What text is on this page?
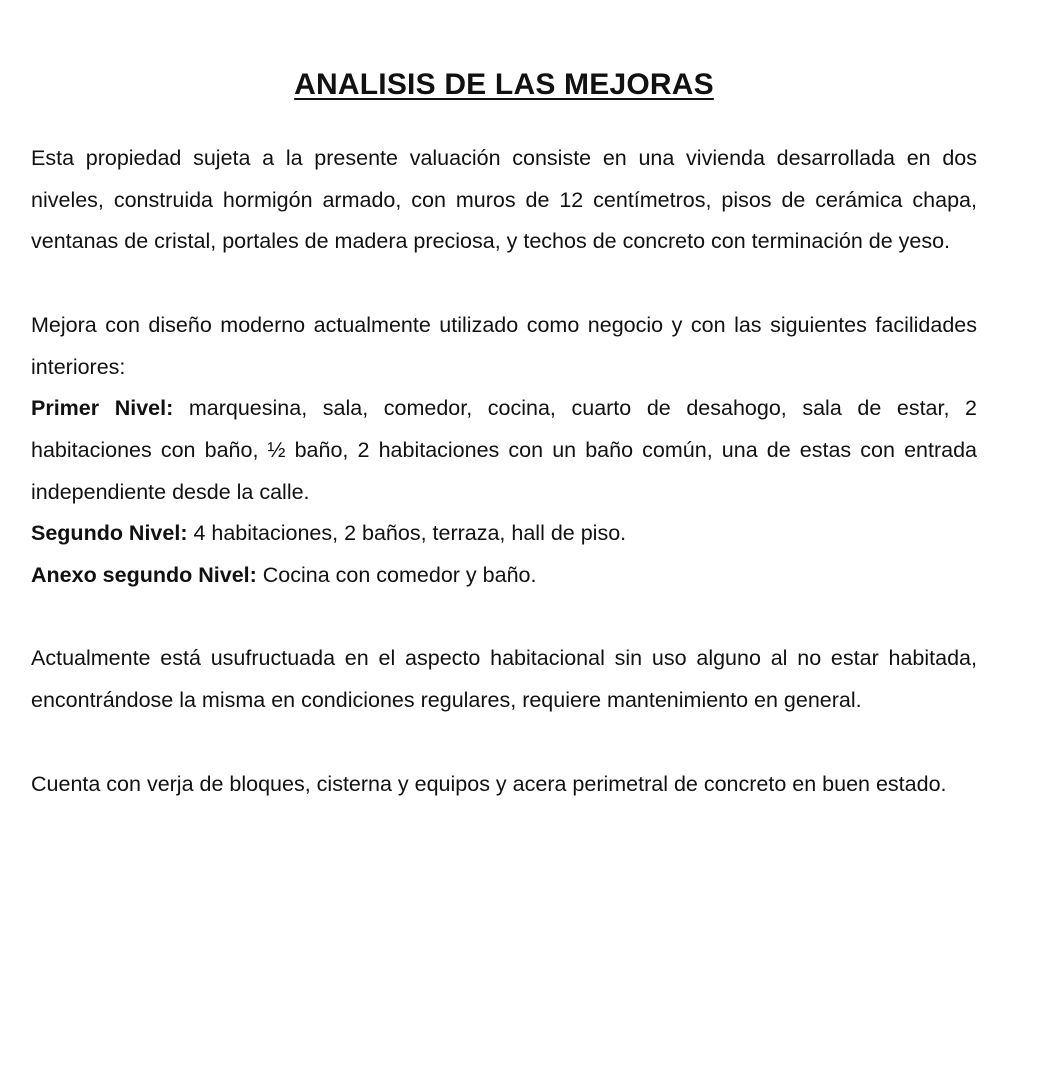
ANALISIS DE LAS MEJORAS

Esta propiedad sujeta a la presente valuación consiste en una vivienda desarrollada en dos niveles, construida hormigón armado, con muros de 12 centímetros, pisos de cerámica chapa, ventanas de cristal, portales de madera preciosa, y techos de concreto con terminación de yeso.

Mejora con diseño moderno actualmente utilizado como negocio y con las siguientes facilidades interiores:

Primer Nivel: marquesina, sala, comedor, cocina, cuarto de desahogo, sala de estar, 2 habitaciones con baño, ½ baño, 2 habitaciones con un baño común, una de estas con entrada independiente desde la calle.

Segundo Nivel: 4 habitaciones, 2 baños, terraza, hall de piso.

Anexo segundo Nivel: Cocina con comedor y baño.

Actualmente está usufructuada en el aspecto habitacional sin uso alguno al no estar habitada, encontrándose la misma en condiciones regulares, requiere mantenimiento en general.

Cuenta con verja de bloques, cisterna y equipos y acera perimetral de concreto en buen estado.
